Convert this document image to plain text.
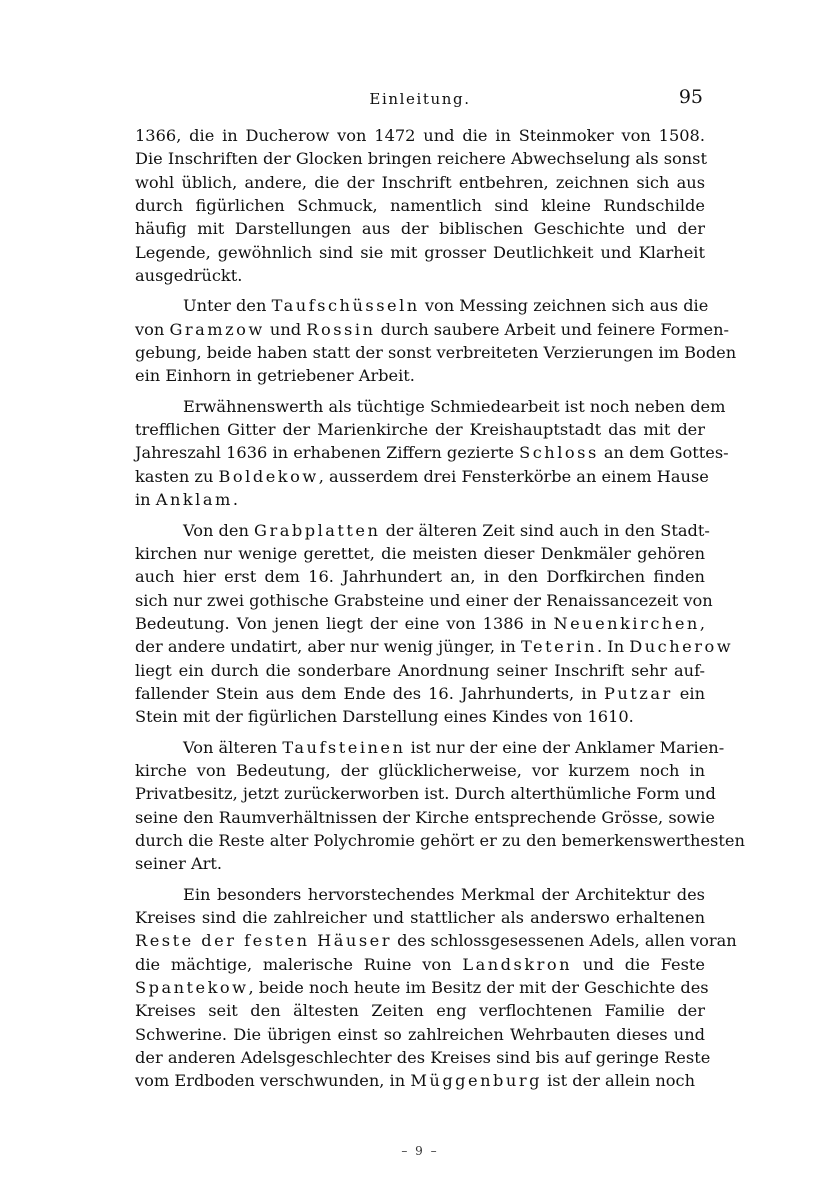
Einleitung.	95
1366, die in Ducherow von 1472 und die in Steinmoker von 1508.
Die Inschriften der Glocken bringen reichere Abwechselung als sonst
wohl üblich, andere, die der Inschrift entbehren, zeichnen sich aus
durch figürlichen Schmuck, namentlich sind kleine Rundschilde
häufig mit Darstellungen aus der biblischen Geschichte und der
Legende, gewöhnlich sind sie mit grosser Deutlichkeit und Klarheit
ausgedrückt.
Unter den Taufschüsseln von Messing zeichnen sich aus die
von Gramzow und Rossin durch saubere Arbeit und feinere Formen-
gebung, beide haben statt der sonst verbreiteten Verzierungen im Boden
ein Einhorn in getriebener Arbeit.
Erwähnenswerth als tüchtige Schmiedearbeit ist noch neben dem
trefflichen Gitter der Marienkirche der Kreishauptstadt das mit der
Jahreszahl 1636 in erhabenen Ziffern gezierte Schloss an dem Gottes-
kasten zu Boldekow, ausserdem drei Fensterkörbe an einem Hause
in Anklam.
Von den Grabplatten der älteren Zeit sind auch in den Stadt-
kirchen nur wenige gerettet, die meisten dieser Denkmäler gehören
auch hier erst dem 16. Jahrhundert an, in den Dorfkirchen finden
sich nur zwei gothische Grabsteine und einer der Renaissancezeit von
Bedeutung. Von jenen liegt der eine von 1386 in Neuenkirchen,
der andere undatirt, aber nur wenig jünger, in Teterin. In Ducherow
liegt ein durch die sonderbare Anordnung seiner Inschrift sehr auf-
fallender Stein aus dem Ende des 16. Jahrhunderts, in Putzar ein
Stein mit der figürlichen Darstellung eines Kindes von 1610.
Von älteren Taufsteinen ist nur der eine der Anklamer Marien-
kirche von Bedeutung, der glücklicherweise, vor kurzem noch in
Privatbesitz, jetzt zurückerworben ist. Durch alterthümliche Form und
seine den Raumverhältnissen der Kirche entsprechende Grösse, sowie
durch die Reste alter Polychromie gehört er zu den bemerkenswerthesten
seiner Art.
Ein besonders hervorstechendes Merkmal der Architektur des
Kreises sind die zahlreicher und stattlicher als anderswo erhaltenen
Reste der festen Häuser des schlossgesessenen Adels, allen voran
die mächtige, malerische Ruine von Landskron und die Feste
Spantekow, beide noch heute im Besitz der mit der Geschichte des
Kreises seit den ältesten Zeiten eng verflochtenen Familie der
Schwerine. Die übrigen einst so zahlreichen Wehrbauten dieses und
der anderen Adelsgeschlechter des Kreises sind bis auf geringe Reste
vom Erdboden verschwunden, in Müggenburg ist der allein noch
– 9 –
